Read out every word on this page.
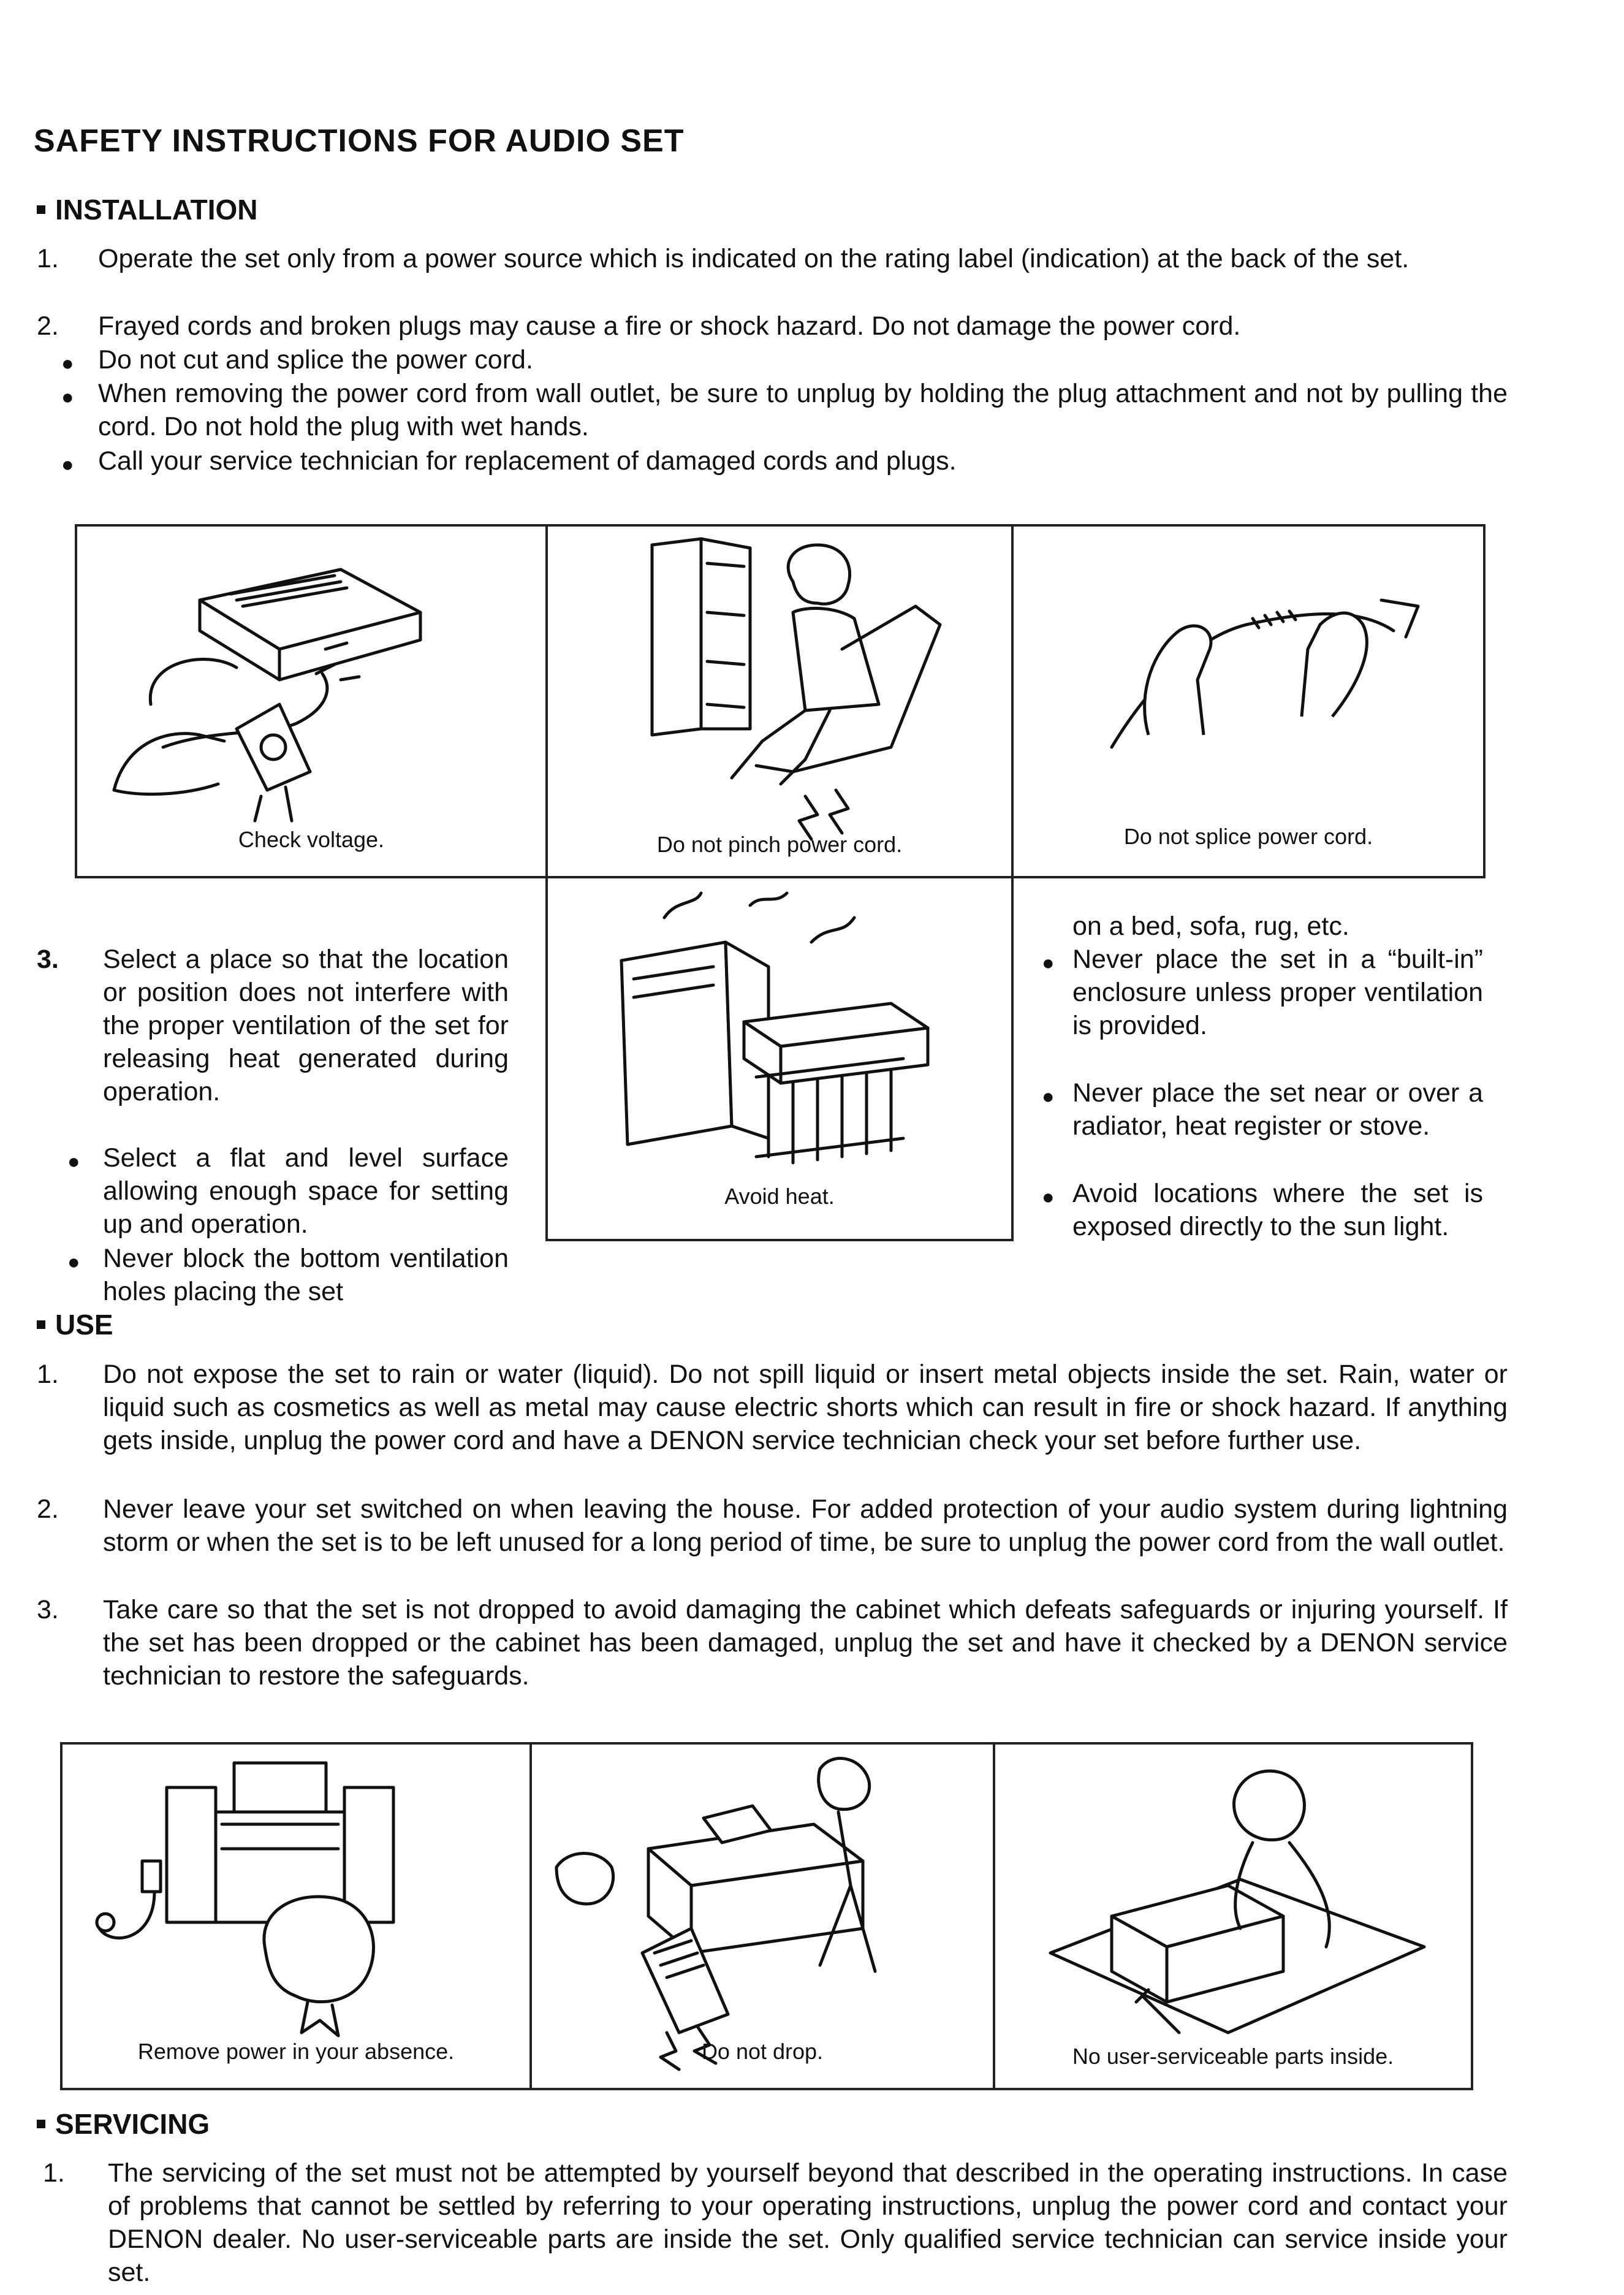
SAFETY INSTRUCTIONS FOR AUDIO SET
INSTALLATION
1. Operate the set only from a power source which is indicated on the rating label (indication) at the back of the set.
2. Frayed cords and broken plugs may cause a fire or shock hazard. Do not damage the power cord.
● Do not cut and splice the power cord.
● When removing the power cord from wall outlet, be sure to unplug by holding the plug attachment and not by pulling the cord. Do not hold the plug with wet hands.
● Call your service technician for replacement of damaged cords and plugs.
Check voltage.	Do not pinch power cord.	Do not splice power cord.
3. Select a place so that the location or position does not interfere with the proper ventilation of the set for releasing heat generated during operation.
● Select a flat and level surface allowing enough space for setting up and operation.
● Never block the bottom ventilation holes placing the set
Avoid heat.
on a bed, sofa, rug, etc.
● Never place the set in a “built-in” enclosure unless proper ventilation is provided.
● Never place the set near or over a radiator, heat register or stove.
● Avoid locations where the set is exposed directly to the sun light.
USE
1. Do not expose the set to rain or water (liquid). Do not spill liquid or insert metal objects inside the set. Rain, water or liquid such as cosmetics as well as metal may cause electric shorts which can result in fire or shock hazard. If anything gets inside, unplug the power cord and have a DENON service technician check your set before further use.
2. Never leave your set switched on when leaving the house. For added protection of your audio system during lightning storm or when the set is to be left unused for a long period of time, be sure to unplug the power cord from the wall outlet.
3. Take care so that the set is not dropped to avoid damaging the cabinet which defeats safeguards or injuring yourself. If the set has been dropped or the cabinet has been damaged, unplug the set and have it checked by a DENON service technician to restore the safeguards.
Remove power in your absence.	Do not drop.	No user-serviceable parts inside.
SERVICING
1. The servicing of the set must not be attempted by yourself beyond that described in the operating instructions. In case of problems that cannot be settled by referring to your operating instructions, unplug the power cord and contact your DENON dealer. No user-serviceable parts are inside the set. Only qualified service technician can service inside your set.
